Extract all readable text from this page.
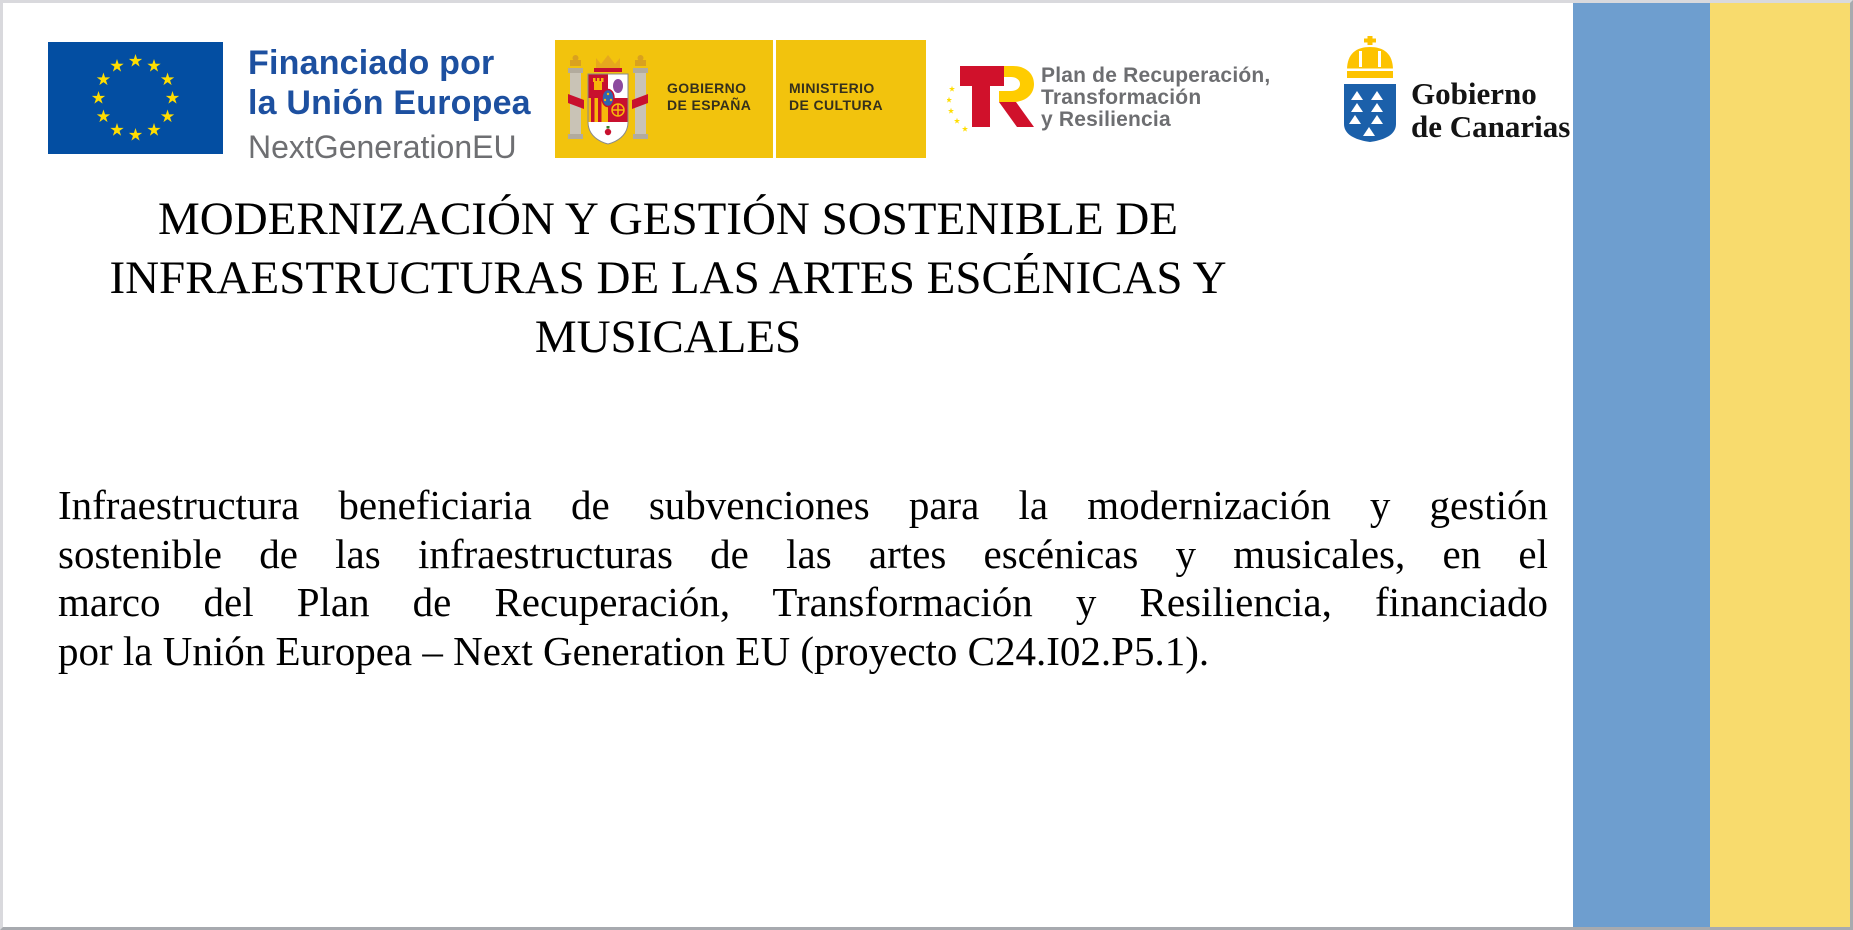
Financiado por
la Unión Europea
NextGenerationEU
GOBIERNO
DE ESPAÑA
MINISTERIO
DE CULTURA
Plan de Recuperación,
Transformación
y Resiliencia
Gobierno
de Canarias
MODERNIZACIÓN Y GESTIÓN SOSTENIBLE DE
INFRAESTRUCTURAS DE LAS ARTES ESCÉNICAS Y
MUSICALES
Infraestructura beneficiaria de subvenciones para la modernización y gestión
sostenible de las infraestructuras de las artes escénicas y musicales, en el
marco del Plan de Recuperación, Transformación y Resiliencia, financiado
por la Unión Europea – Next Generation EU (proyecto C24.I02.P5.1).
